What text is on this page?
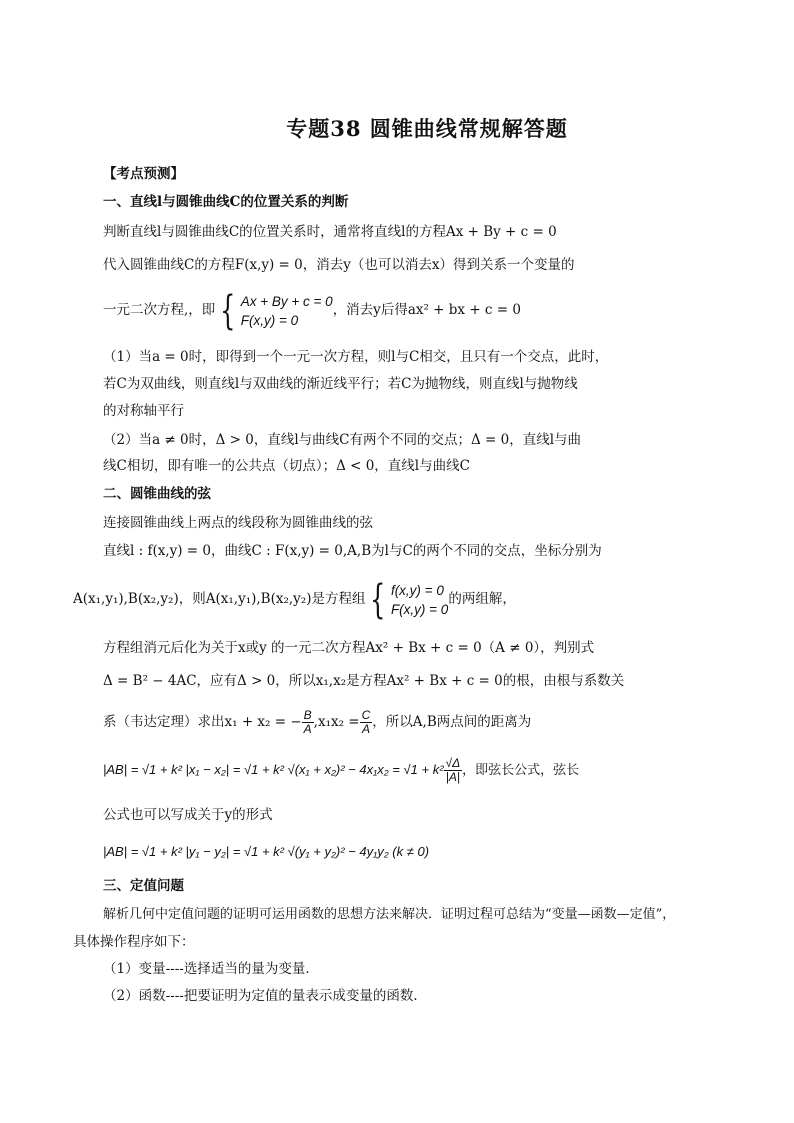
专题38 圆锥曲线常规解答题
【考点预测】
一、直线l与圆锥曲线C的位置关系的判断
判断直线l与圆锥曲线C的位置关系时，通常将直线l的方程Ax + By + c = 0
代入圆锥曲线C的方程F(x,y) = 0，消去y（也可以消去x）得到关系一个变量的
一元二次方程,，即 { Ax + By + c = 0
F(x,y) = 0
，消去y后得ax² + bx + c = 0
（1）当a = 0时，即得到一个一元一次方程，则l与C相交，且只有一个交点，此时，
若C为双曲线，则直线l与双曲线的渐近线平行；若C为抛物线，则直线l与抛物线
的对称轴平行
（2）当a ≠ 0时，Δ > 0，直线l与曲线C有两个不同的交点；Δ = 0，直线l与曲
线C相切，即有唯一的公共点（切点）；Δ < 0，直线l与曲线C
二、圆锥曲线的弦
连接圆锥曲线上两点的线段称为圆锥曲线的弦
直线l : f(x,y) = 0，曲线C : F(x,y) = 0,A,B为l与C的两个不同的交点，坐标分别为
A(x₁,y₁),B(x₂,y₂)，则A(x₁,y₁),B(x₂,y₂)是方程组 { f(x,y) = 0
F(x,y) = 0
的两组解，
方程组消元后化为关于x或y 的一元二次方程Ax² + Bx + c = 0（A ≠ 0），判别式
Δ = B² − 4AC，应有Δ > 0，所以x₁,x₂是方程Ax² + Bx + c = 0的根，由根与系数关
系（韦达定理）求出x₁ + x₂ = − $\frac{B}{A} ,x_1x_2 = \frac{C}{A}$ ，所以A,B两点间的距离为
|AB| = √1 + k² |x₁ − x₂| = √1 + k² $√(x_1 + x_2)^2 - 4x_1x_2 = √1 + k^2 \frac{√\Delta}{|A|}$ ，即弦长公式，弦长
公式也可以写成关于y的形式
|AB| = √1 + k² |y₁ − y₂| = √1 + k² √(y₁ + y₂)² − 4y₁y₂ (k ≠ 0)
三、定值问题
解析几何中定值问题的证明可运用函数的思想方法来解决．证明过程可总结为“变量—函数—定值”，
具体操作程序如下：
（1）变量----选择适当的量为变量．
（2）函数----把要证明为定值的量表示成变量的函数．
